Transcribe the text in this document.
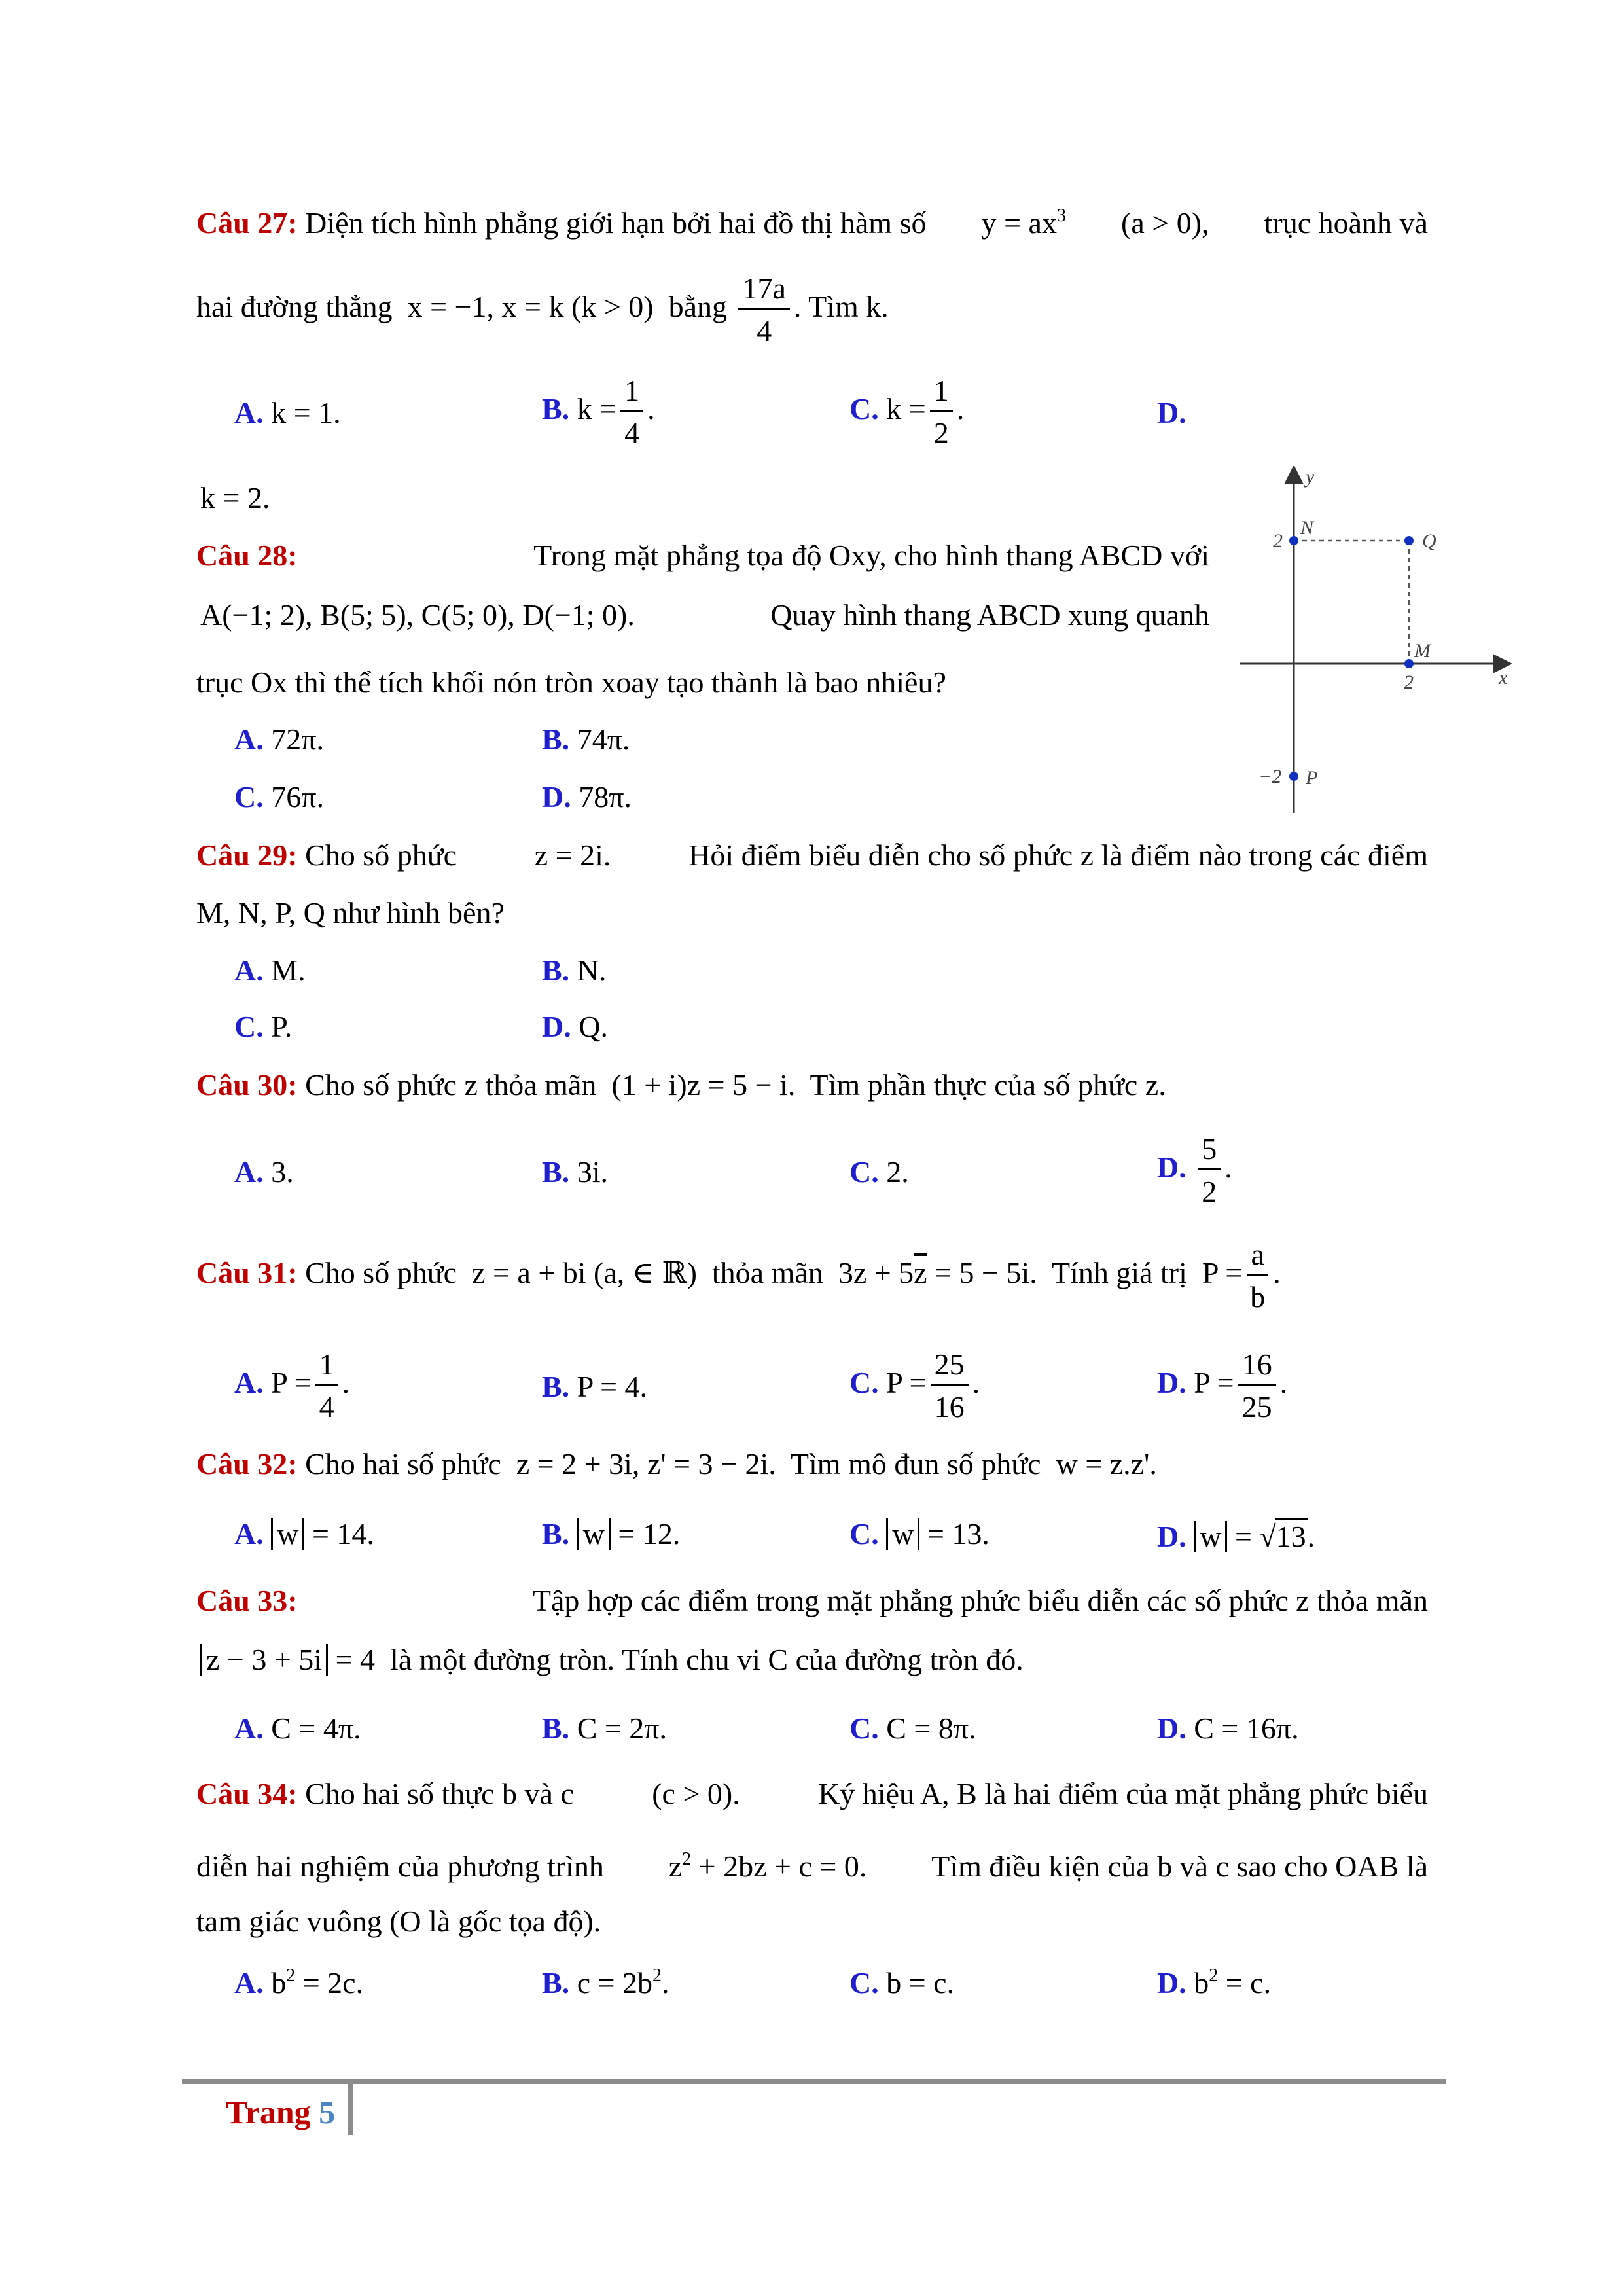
Câu 27: Diện tích hình phẳng giới hạn bởi hai đồ thị hàm số $y = ax^3$ (a > 0), trục hoành và
hai đường thẳng x = −1, x = k (k > 0) bằng $\frac{17a}{4}$ . Tìm k.
A. k = 1.	B. $k = \frac{1}{4}$ .	C. $k = \frac{1}{2}$ .	D.
k = 2.
Câu 28:	Trong mặt phẳng tọa độ Oxy, cho hình thang ABCD với
A(−1; 2), B(5; 5), C(5; 0), D(−1; 0).	Quay hình thang ABCD xung quanh
trục Ox thì thể tích khối nón tròn xoay tạo thành là bao nhiêu?
A. 72π.	B. 74π.
C. 76π.	D. 78π.
x
y
2
−2
2
N
Q
M
P
Câu 29: Cho số phức	z = 2i.	Hỏi điểm biểu diễn cho số phức z là điểm nào trong các điểm
M, N, P, Q như hình bên?
A. M.	B. N.
C. P.	D. Q.
Câu 30: Cho số phức z thỏa mãn (1 + i)z = 5 − i. Tìm phần thực của số phức z.
A. 3.	B. 3i.	C. 2.	D. $\frac{5}{2}$ .
Câu 31: Cho số phức z = a + bi (a, ∈ ℝ) thỏa mãn $3z + 5\overline{z} = 5 - 5i$. Tính giá trị $P = \frac{a}{b}$ .
A. $P = \frac{1}{4}$ .	B. P = 4.	C. $P = \frac{25}{16}$ .	D. $P = \frac{16}{25}$ .
Câu 32: Cho hai số phức z = 2 + 3i, z' = 3 − 2i. Tìm mô đun số phức w = z.z'.
A. w = 14.	B. w = 12.	C. w = 13.	D. w = √13.
Câu 33:	Tập hợp các điểm trong mặt phẳng phức biểu diễn các số phức z thỏa mãn
z − 3 + 5i = 4 là một đường tròn. Tính chu vi C của đường tròn đó.
A. C = 4π.	B. C = 2π.	C. C = 8π.	D. C = 16π.
Câu 34: Cho hai số thực b và c	(c > 0).	Ký hiệu A, B là hai điểm của mặt phẳng phức biểu
diễn hai nghiệm của phương trình $z^2 + 2bz + c = 0$. Tìm điều kiện của b và c sao cho OAB là
tam giác vuông (O là gốc tọa độ).
A. $b^2 = 2c$.	B. $c = 2b^2$.	C. b = c.	D. $b^2 = c$.
Trang 5
